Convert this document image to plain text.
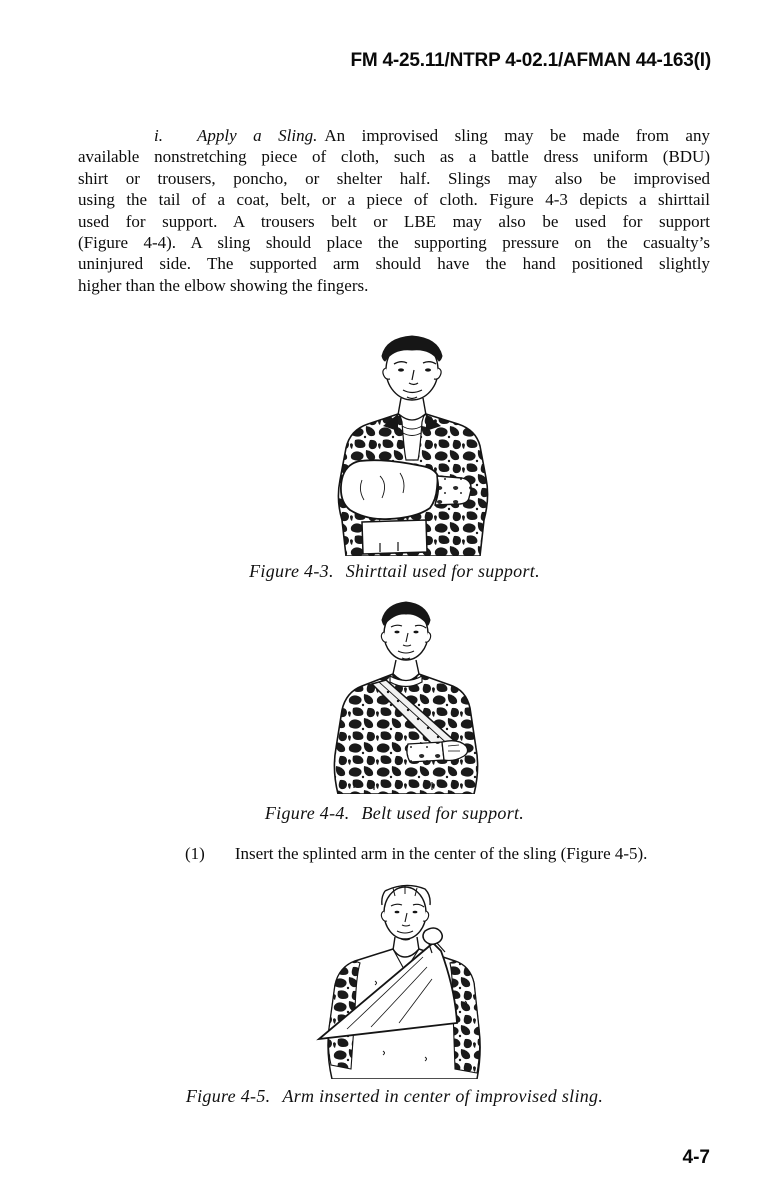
FM 4-25.11/NTRP 4-02.1/AFMAN 44-163(I)
i. Apply a Sling. An improvised sling may be made from any
available nonstretching piece of cloth, such as a battle dress uniform (BDU)
shirt or trousers, poncho, or shelter half. Slings may also be improvised
using the tail of a coat, belt, or a piece of cloth. Figure 4-3 depicts a shirttail
used for support. A trousers belt or LBE may also be used for support
(Figure 4-4). A sling should place the supporting pressure on the casualty’s
uninjured side. The supported arm should have the hand positioned slightly
higher than the elbow showing the fingers.
Figure 4-3. Shirttail used for support.
Figure 4-4. Belt used for support.
(1) Insert the splinted arm in the center of the sling (Figure 4-5).
Figure 4-5. Arm inserted in center of improvised sling.
4-7
